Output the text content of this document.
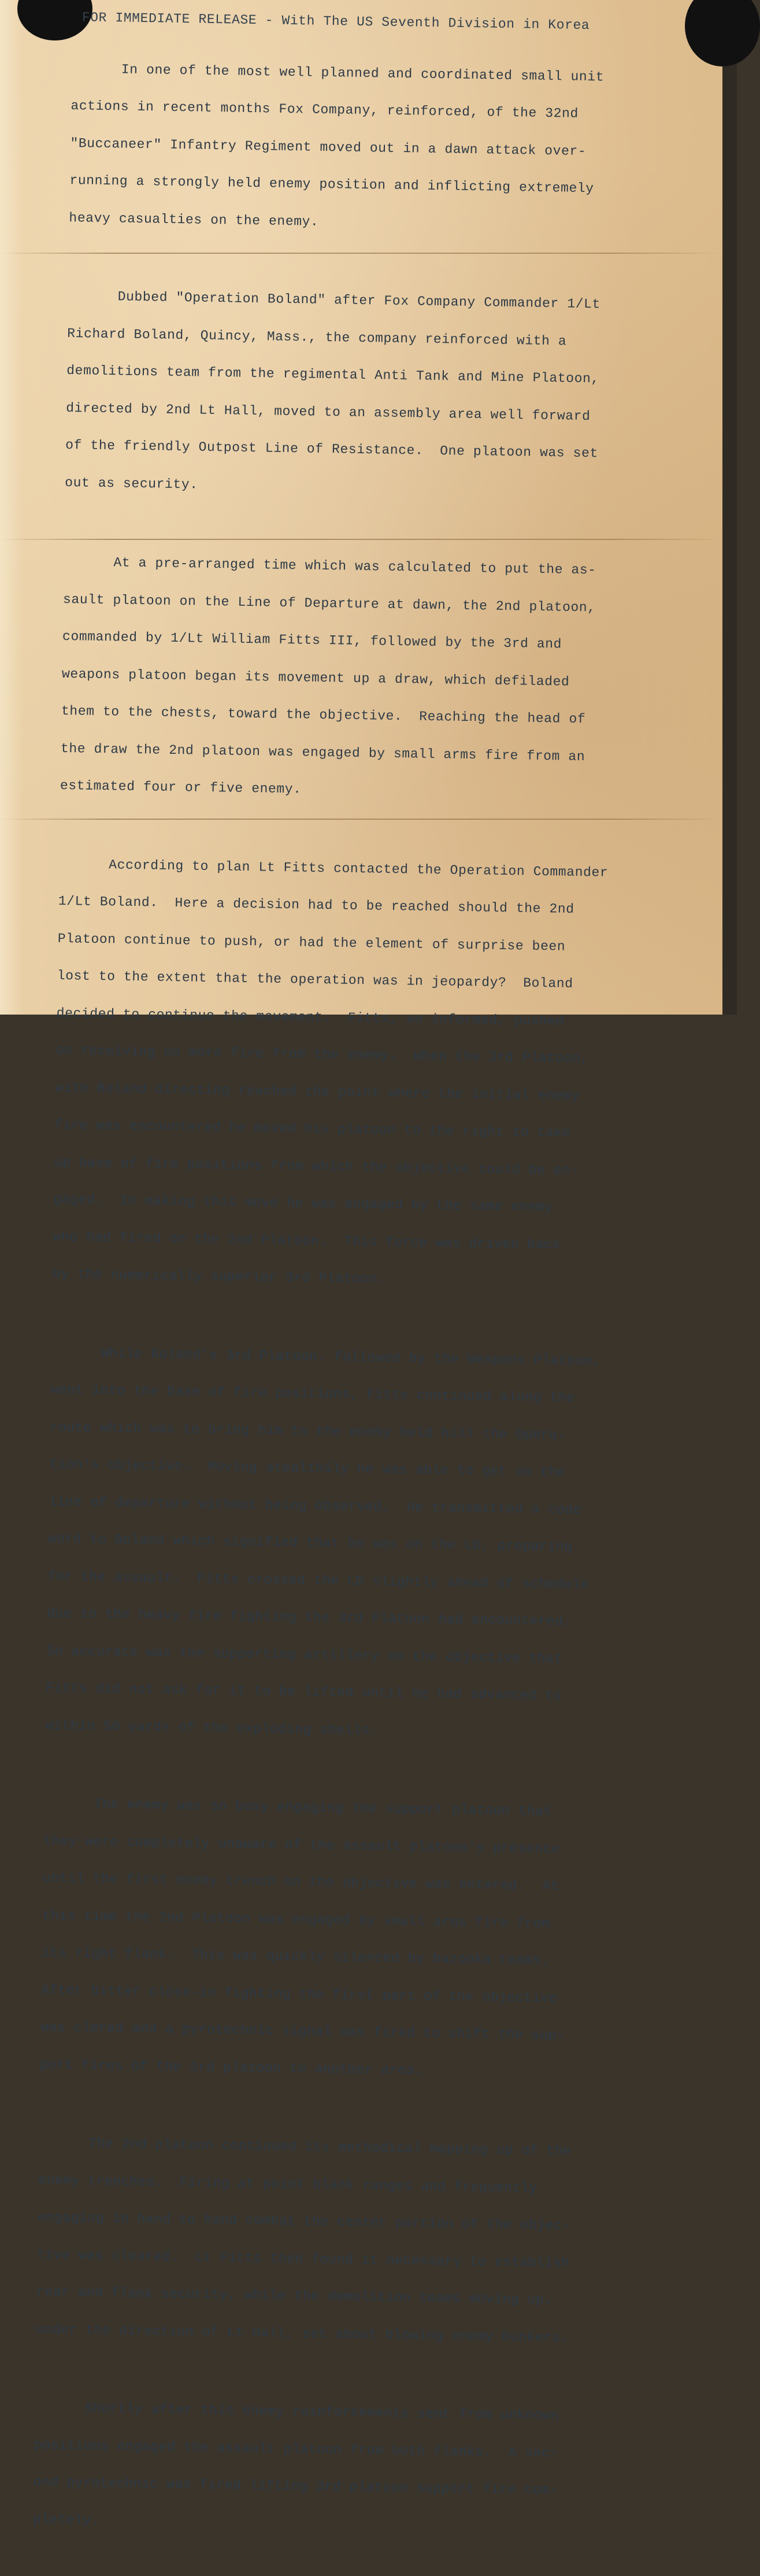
FOR IMMEDIATE RELEASE - With The US Seventh Division in Korea

In one of the most well planned and coordinated small unit

actions in recent months Fox Company, reinforced, of the 32nd

"Buccaneer" Infantry Regiment moved out in a dawn attack over-

running a strongly held enemy position and inflicting extremely

heavy casualties on the enemy.

Dubbed "Operation Boland" after Fox Company Commander 1/Lt

Richard Boland, Quincy, Mass., the company reinforced with a

demolitions team from the regimental Anti Tank and Mine Platoon,

directed by 2nd Lt Hall, moved to an assembly area well forward

of the friendly Outpost Line of Resistance.  One platoon was set

out as security.

At a pre-arranged time which was calculated to put the as-

sault platoon on the Line of Departure at dawn, the 2nd platoon,

commanded by 1/Lt William Fitts III, followed by the 3rd and

weapons platoon began its movement up a draw, which defiladed

them to the chests, toward the objective.  Reaching the head of

the draw the 2nd platoon was engaged by small arms fire from an

estimated four or five enemy.

According to plan Lt Fitts contacted the Operation Commander

1/Lt Boland.  Here a decision had to be reached should the 2nd

Platoon continue to push, or had the element of surprise been

lost to the extent that the operation was in jeopardy?  Boland

decided to continue the movement.  Fitts, so informed, pushed

on receiving no more fire from the enemy.  When the 3rd Platoon,

with Boland directing reached the point where the initial enemy

fire was encountered he moved his platoon to the right to take

up base of fire positions from which the objective could be en-

gaged.  In making this move he was engaged by the same enemy

who had fired on the 2nd Platoon.  This force was driven back

by the numerically superior 3rd Platoon.

While Boland's 3rd Platoon, followed by the Weapons Platoon,

went into the base of fire positions, Fitts continued along the

route which was to bring him to the enemy held hill the Opera-

tion's objective.  Moving stealthily he was able to get on the

line of departure without being observed.  He transmitted a code

word to Boland which signified that he was on the LD, preparing

for the assault.  Fitts crossed the LD slightly ahead of schedule

due to the heavy fire fighting the 3rd Platoon had encountered.

So accurate was the supporting artillery on the objective that

Fitts did not ask for it to be lifted until he had advanced to

within 50 yards of the exploding shells.

The enemy was so busy engaging the support platoon that

they were completely unaware of the assault platoon's presence

until the first enemy trench on the objective was entered.  At

this time the 2nd Platoon was engaged by small arms fire from

its right flank.  This was quickly silenced by bazooka teams.

After bitter close-in fighting the first part of the objective

was clered and a pyrotechnic signal was fired to shift the sup-

port fires of the 3rd platoon to another area.

The 2nd platoon continued its methodical mopping up of the

enemy trenches.  Firing at point blank ranges and frequently

engaging in hand to hand combat the center portion of the objec-

tive was cleared.  Lt Fitts then found it necessary to establish

rear and flank security, while the demolition teams moving up,

under the direction of Lt Hall, set about blowing enemy bunkers.

Shortly after this enemy reinforcements sent from unknown

positions engaged the assault platoon from both flanks.  A sec-

ond pyrotechnic was fired lifting 3rd platoon support fire com-

pletely.
